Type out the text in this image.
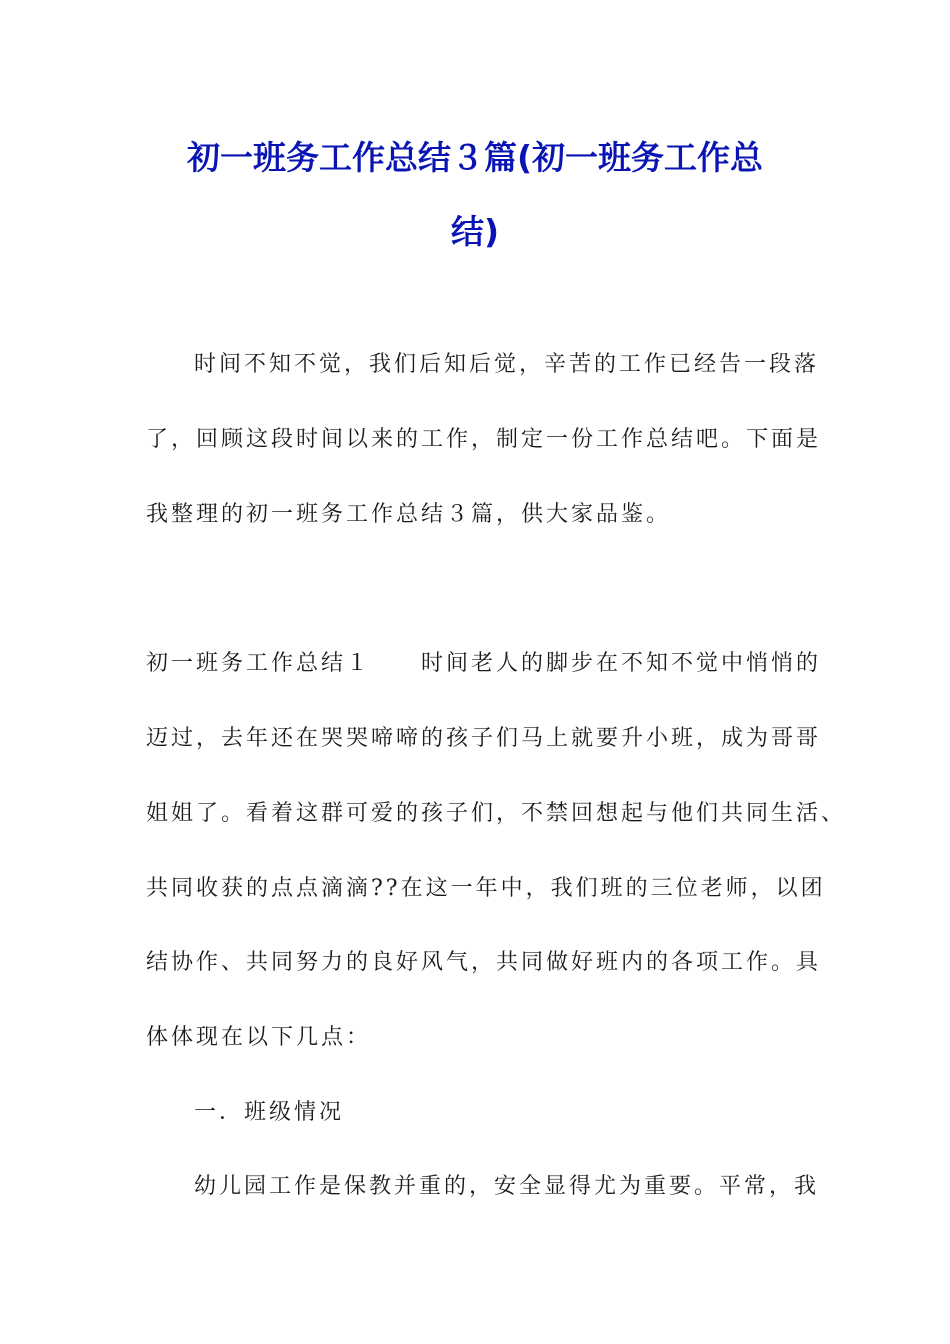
初一班务工作总结３篇(初一班务工作总
结)
时间不知不觉，我们后知后觉，辛苦的工作已经告一段落
了，回顾这段时间以来的工作，制定一份工作总结吧。下面是
我整理的初一班务工作总结３篇，供大家品鉴。
初一班务工作总结１　　时间老人的脚步在不知不觉中悄悄的
迈过，去年还在哭哭啼啼的孩子们马上就要升小班，成为哥哥
姐姐了。看着这群可爱的孩子们，不禁回想起与他们共同生活、
共同收获的点点滴滴??在这一年中，我们班的三位老师，以团
结协作、共同努力的良好风气，共同做好班内的各项工作。具
体体现在以下几点：
一．班级情况
幼儿园工作是保教并重的，安全显得尤为重要。平常，我
